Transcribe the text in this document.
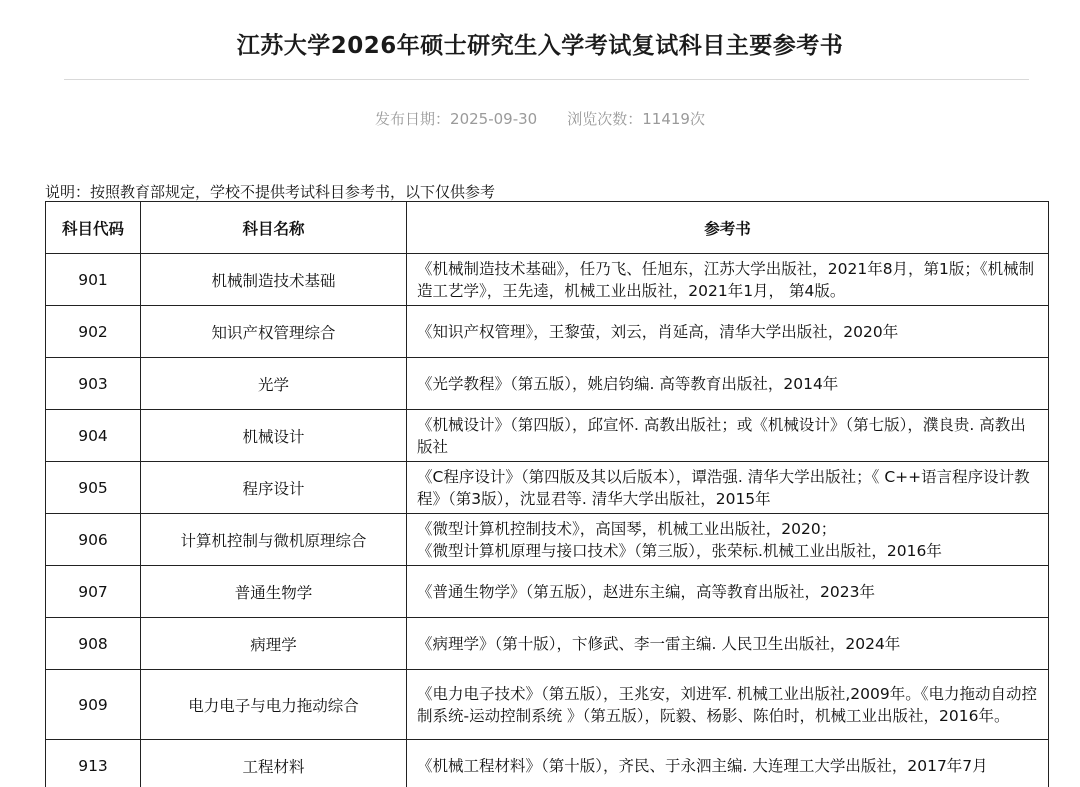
江苏大学2026年硕士研究生入学考试复试科目主要参考书
发布日期：2025-09-30 浏览次数：11419次
说明：按照教育部规定，学校不提供考试科目参考书，以下仅供参考
科目代码	科目名称	参考书
901	机械制造技术基础	《机械制造技术基础》，任乃飞、任旭东，江苏大学出版社，2021年8月，第1版；《机械制造工艺学》，王先逵，机械工业出版社，2021年1月， 第4版。
902	知识产权管理综合	《知识产权管理》，王黎萤，刘云，肖延高，清华大学出版社，2020年
903	光学	《光学教程》（第五版），姚启钧编. 高等教育出版社，2014年
904	机械设计	《机械设计》（第四版），邱宣怀. 高教出版社；或《机械设计》（第七版），濮良贵. 高教出版社
905	程序设计	《C程序设计》（第四版及其以后版本），谭浩强. 清华大学出版社；《 C++语言程序设计教程》（第3版），沈显君等. 清华大学出版社，2015年
906	计算机控制与微机原理综合	《微型计算机控制技术》，高国琴，机械工业出版社，2020；
《微型计算机原理与接口技术》（第三版），张荣标.机械工业出版社，2016年
907	普通生物学	《普通生物学》（第五版），赵进东主编，高等教育出版社，2023年
908	病理学	《病理学》（第十版），卞修武、李一雷主编. 人民卫生出版社，2024年
909	电力电子与电力拖动综合	《电力电子技术》（第五版），王兆安，刘进军. 机械工业出版社,2009年。《电力拖动自动控制系统-运动控制系统 》（第五版），阮毅、杨影、陈伯时，机械工业出版社，2016年。
913	工程材料	《机械工程材料》（第十版），齐民、于永泗主编. 大连理工大学出版社，2017年7月
